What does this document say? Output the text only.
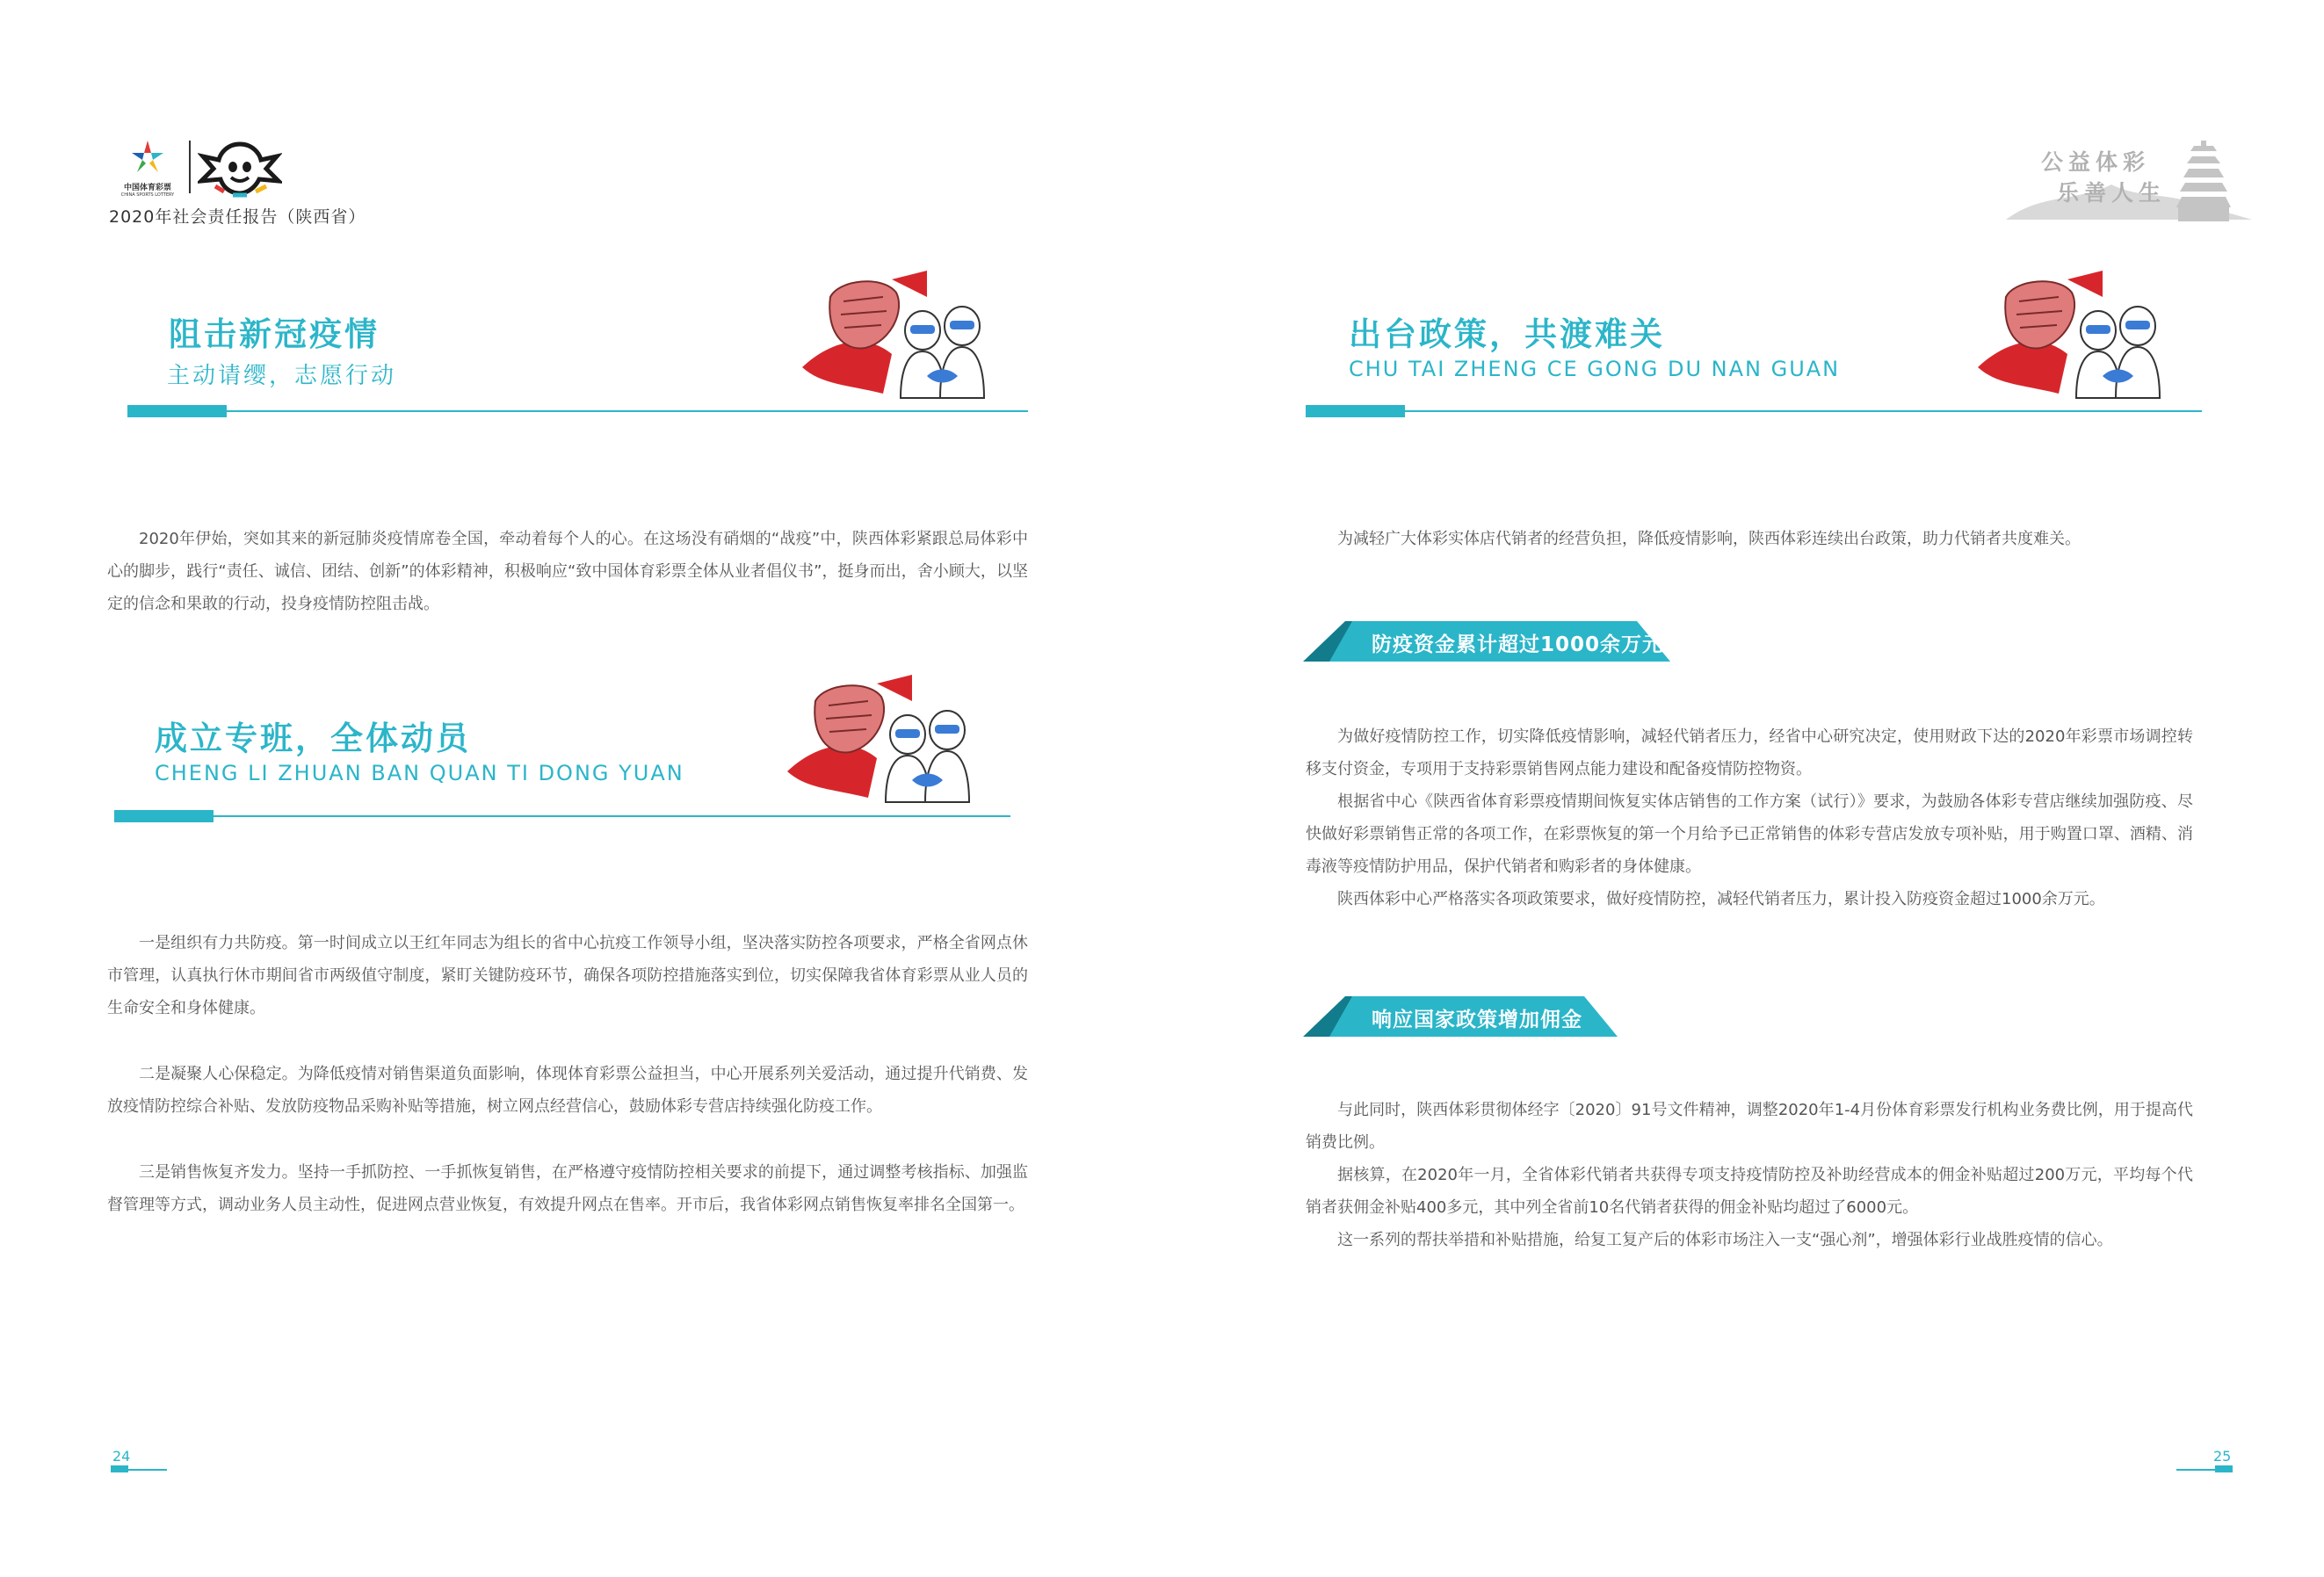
中国体育彩票
CHINA SPORTS LOTTERY
2020年社会责任报告（陕西省）
阻击新冠疫情
主动请缨，志愿行动

2020年伊始，突如其来的新冠肺炎疫情席卷全国，牵动着每个人的心。在这场没有硝烟的“战疫”中，陕西体彩紧跟总局体彩中心的脚步，践行“责任、诚信、团结、创新”的体彩精神，积极响应“致中国体育彩票全体从业者倡仪书”，挺身而出，舍小顾大，以坚定的信念和果敢的行动，投身疫情防控阻击战。

成立专班，全体动员
CHENG LI ZHUAN BAN QUAN TI DONG YUAN

一是组织有力共防疫。第一时间成立以王红年同志为组长的省中心抗疫工作领导小组，坚决落实防控各项要求，严格全省网点休市管理，认真执行休市期间省市两级值守制度，紧盯关键防疫环节，确保各项防控措施落实到位，切实保障我省体育彩票从业人员的生命安全和身体健康。

二是凝聚人心保稳定。为降低疫情对销售渠道负面影响，体现体育彩票公益担当，中心开展系列关爱活动，通过提升代销费、发放疫情防控综合补贴、发放防疫物品采购补贴等措施，树立网点经营信心，鼓励体彩专营店持续强化防疫工作。

三是销售恢复齐发力。坚持一手抓防控、一手抓恢复销售，在严格遵守疫情防控相关要求的前提下，通过调整考核指标、加强监督管理等方式，调动业务人员主动性，促进网点营业恢复，有效提升网点在售率。开市后，我省体彩网点销售恢复率排名全国第一。

24
公益体彩
乐善人生
出台政策，共渡难关
CHU TAI ZHENG CE GONG DU NAN GUAN

为减轻广大体彩实体店代销者的经营负担，降低疫情影响，陕西体彩连续出台政策，助力代销者共度难关。

防疫资金累计超过1000余万元

为做好疫情防控工作，切实降低疫情影响，减轻代销者压力，经省中心研究决定，使用财政下达的2020年彩票市场调控转移支付资金，专项用于支持彩票销售网点能力建设和配备疫情防控物资。

根据省中心《陕西省体育彩票疫情期间恢复实体店销售的工作方案（试行）》要求，为鼓励各体彩专营店继续加强防疫、尽快做好彩票销售正常的各项工作，在彩票恢复的第一个月给予已正常销售的体彩专营店发放专项补贴，用于购置口罩、酒精、消毒液等疫情防护用品，保护代销者和购彩者的身体健康。

陕西体彩中心严格落实各项政策要求，做好疫情防控，减轻代销者压力，累计投入防疫资金超过1000余万元。

响应国家政策增加佣金

与此同时，陕西体彩贯彻体经字〔2020〕91号文件精神，调整2020年1-4月份体育彩票发行机构业务费比例，用于提高代销费比例。

据核算，在2020年一月，全省体彩代销者共获得专项支持疫情防控及补助经营成本的佣金补贴超过200万元，平均每个代销者获佣金补贴400多元，其中列全省前10名代销者获得的佣金补贴均超过了6000元。

这一系列的帮扶举措和补贴措施，给复工复产后的体彩市场注入一支“强心剂”，增强体彩行业战胜疫情的信心。

25
